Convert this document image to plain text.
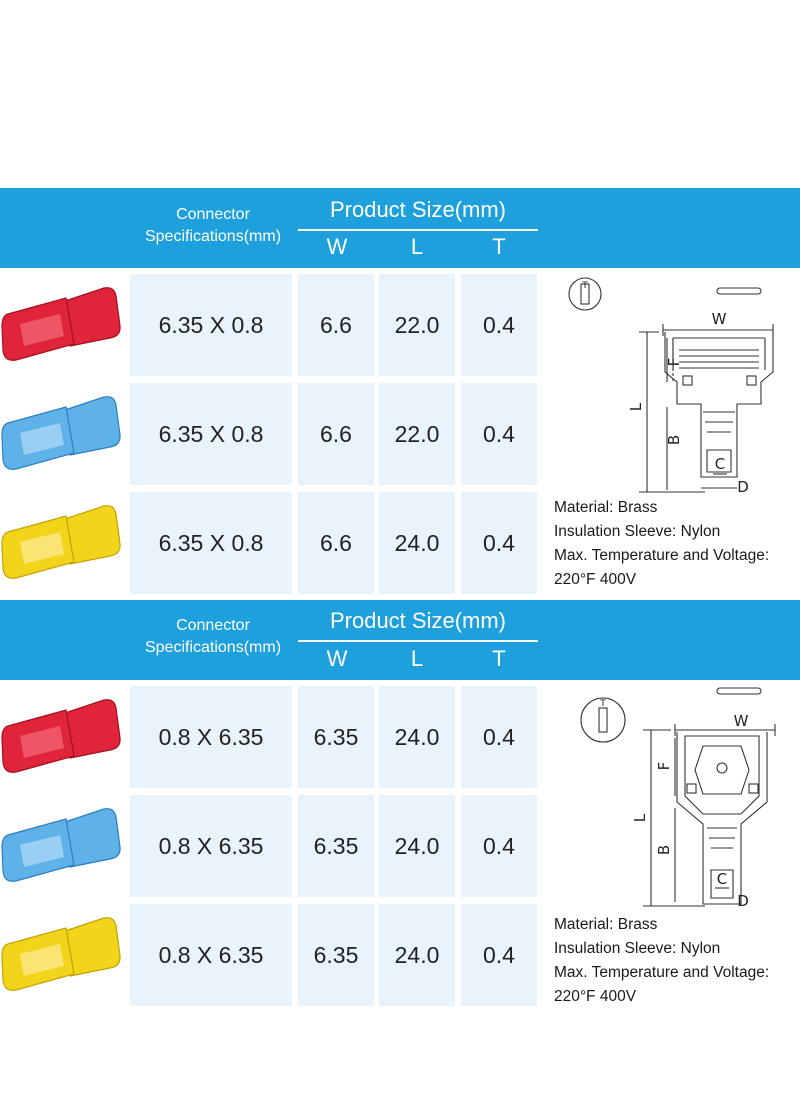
Connector
Specifications(mm)
Product Size(mm)
W	L	T
6.35 X 0.8	6.6	22.0	0.4
6.35 X 0.8	6.6	22.0	0.4
6.35 X 0.8	6.6	24.0	0.4
T
W
F
L
B
C
D
Material: Brass
Insulation Sleeve: Nylon
Max. Temperature and Voltage:
220°F 400V
Connector
Specifications(mm)
Product Size(mm)
W	L	T
0.8 X 6.35	6.35	24.0	0.4
0.8 X 6.35	6.35	24.0	0.4
0.8 X 6.35	6.35	24.0	0.4
T
W
F
L
B
C
D
Material: Brass
Insulation Sleeve: Nylon
Max. Temperature and Voltage:
220°F 400V
